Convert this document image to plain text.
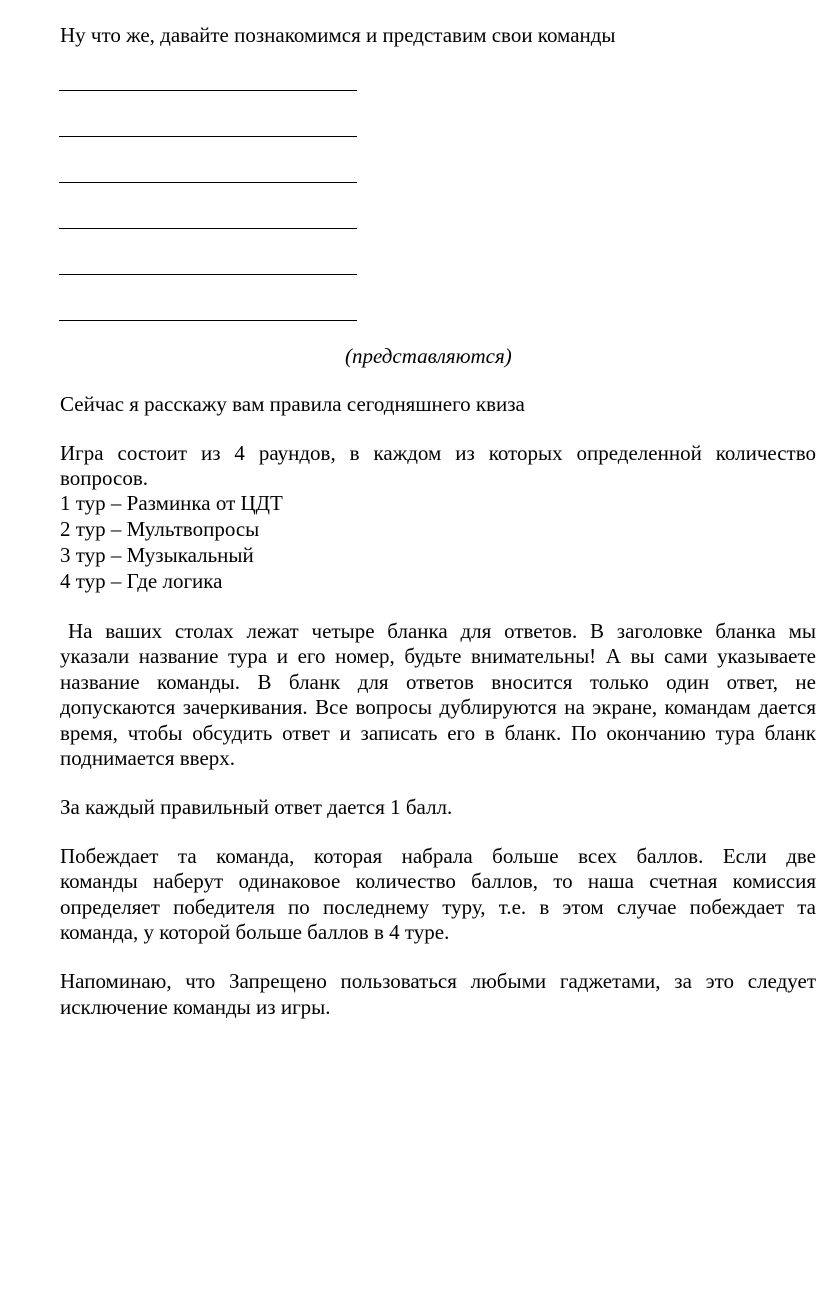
Ну что же, давайте познакомимся и представим свои команды
(представляются)
Сейчас я расскажу вам правила сегодняшнего квиза
Игра состоит из 4 раундов, в каждом из которых определенной количество
вопросов.
1 тур – Разминка от ЦДТ
2 тур – Мультвопросы
3 тур – Музыкальный
4 тур – Где логика
На ваших столах лежат четыре бланка для ответов. В заголовке бланка мы
указали название тура и его номер, будьте внимательны! А вы сами указываете
название команды. В бланк для ответов вносится только один ответ, не
допускаются зачеркивания. Все вопросы дублируются на экране, командам дается
время, чтобы обсудить ответ и записать его в бланк. По окончанию тура бланк
поднимается вверх.
За каждый правильный ответ дается 1 балл.
Побеждает та команда, которая набрала больше всех баллов. Если две
команды наберут одинаковое количество баллов, то наша счетная комиссия
определяет победителя по последнему туру, т.е. в этом случае побеждает та
команда, у которой больше баллов в 4 туре.
Напоминаю, что Запрещено пользоваться любыми гаджетами, за это следует
исключение команды из игры.
